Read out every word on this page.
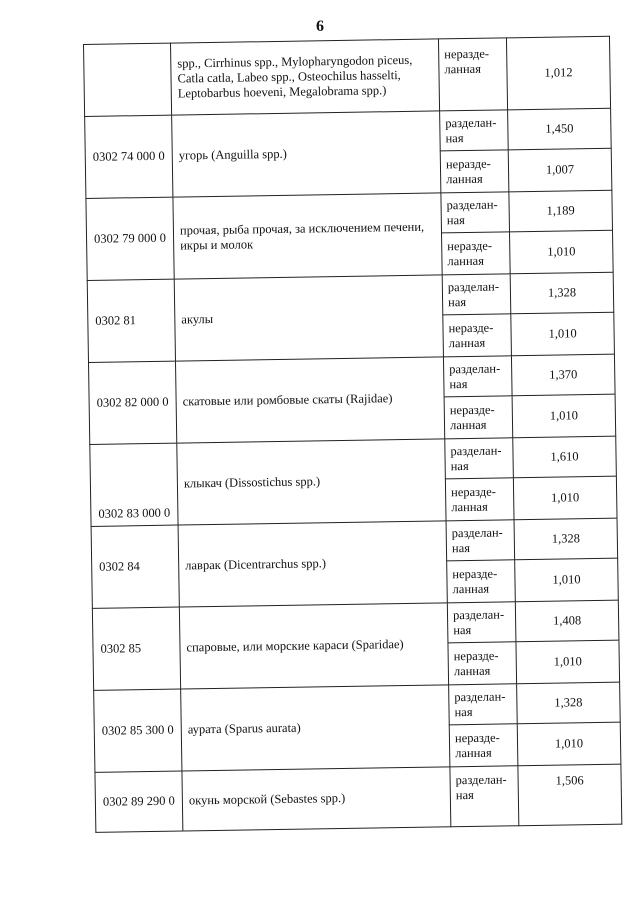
6
	spp., Cirrhinus spp., Mylopharyngodon piceus, Catla catla, Labeo spp., Osteochilus hasselti, Leptobarbus hoeveni, Megalobrama spp.)	неразде-ланная	1,012
0302 74 000 0	угорь (Anguilla spp.)	разделан-ная	1,450
		неразде-ланная	1,007
0302 79 000 0	прочая, рыба прочая, за исключением печени, икры и молок	разделан-ная	1,189
		неразде-ланная	1,010
0302 81	акулы	разделан-ная	1,328
		неразде-ланная	1,010
0302 82 000 0	скатовые или ромбовые скаты (Rajidae)	разделан-ная	1,370
		неразде-ланная	1,010
0302 83 000 0	клыкач (Dissostichus spp.)	разделан-ная	1,610
		неразде-ланная	1,010
0302 84	лаврак (Dicentrarchus spp.)	разделан-ная	1,328
		неразде-ланная	1,010
0302 85	спаровые, или морские караси (Sparidae)	разделан-ная	1,408
		неразде-ланная	1,010
0302 85 300 0	аурата (Sparus aurata)	разделан-ная	1,328
		неразде-ланная	1,010
0302 89 290 0	окунь морской (Sebastes spp.)	разделан-ная	1,506
